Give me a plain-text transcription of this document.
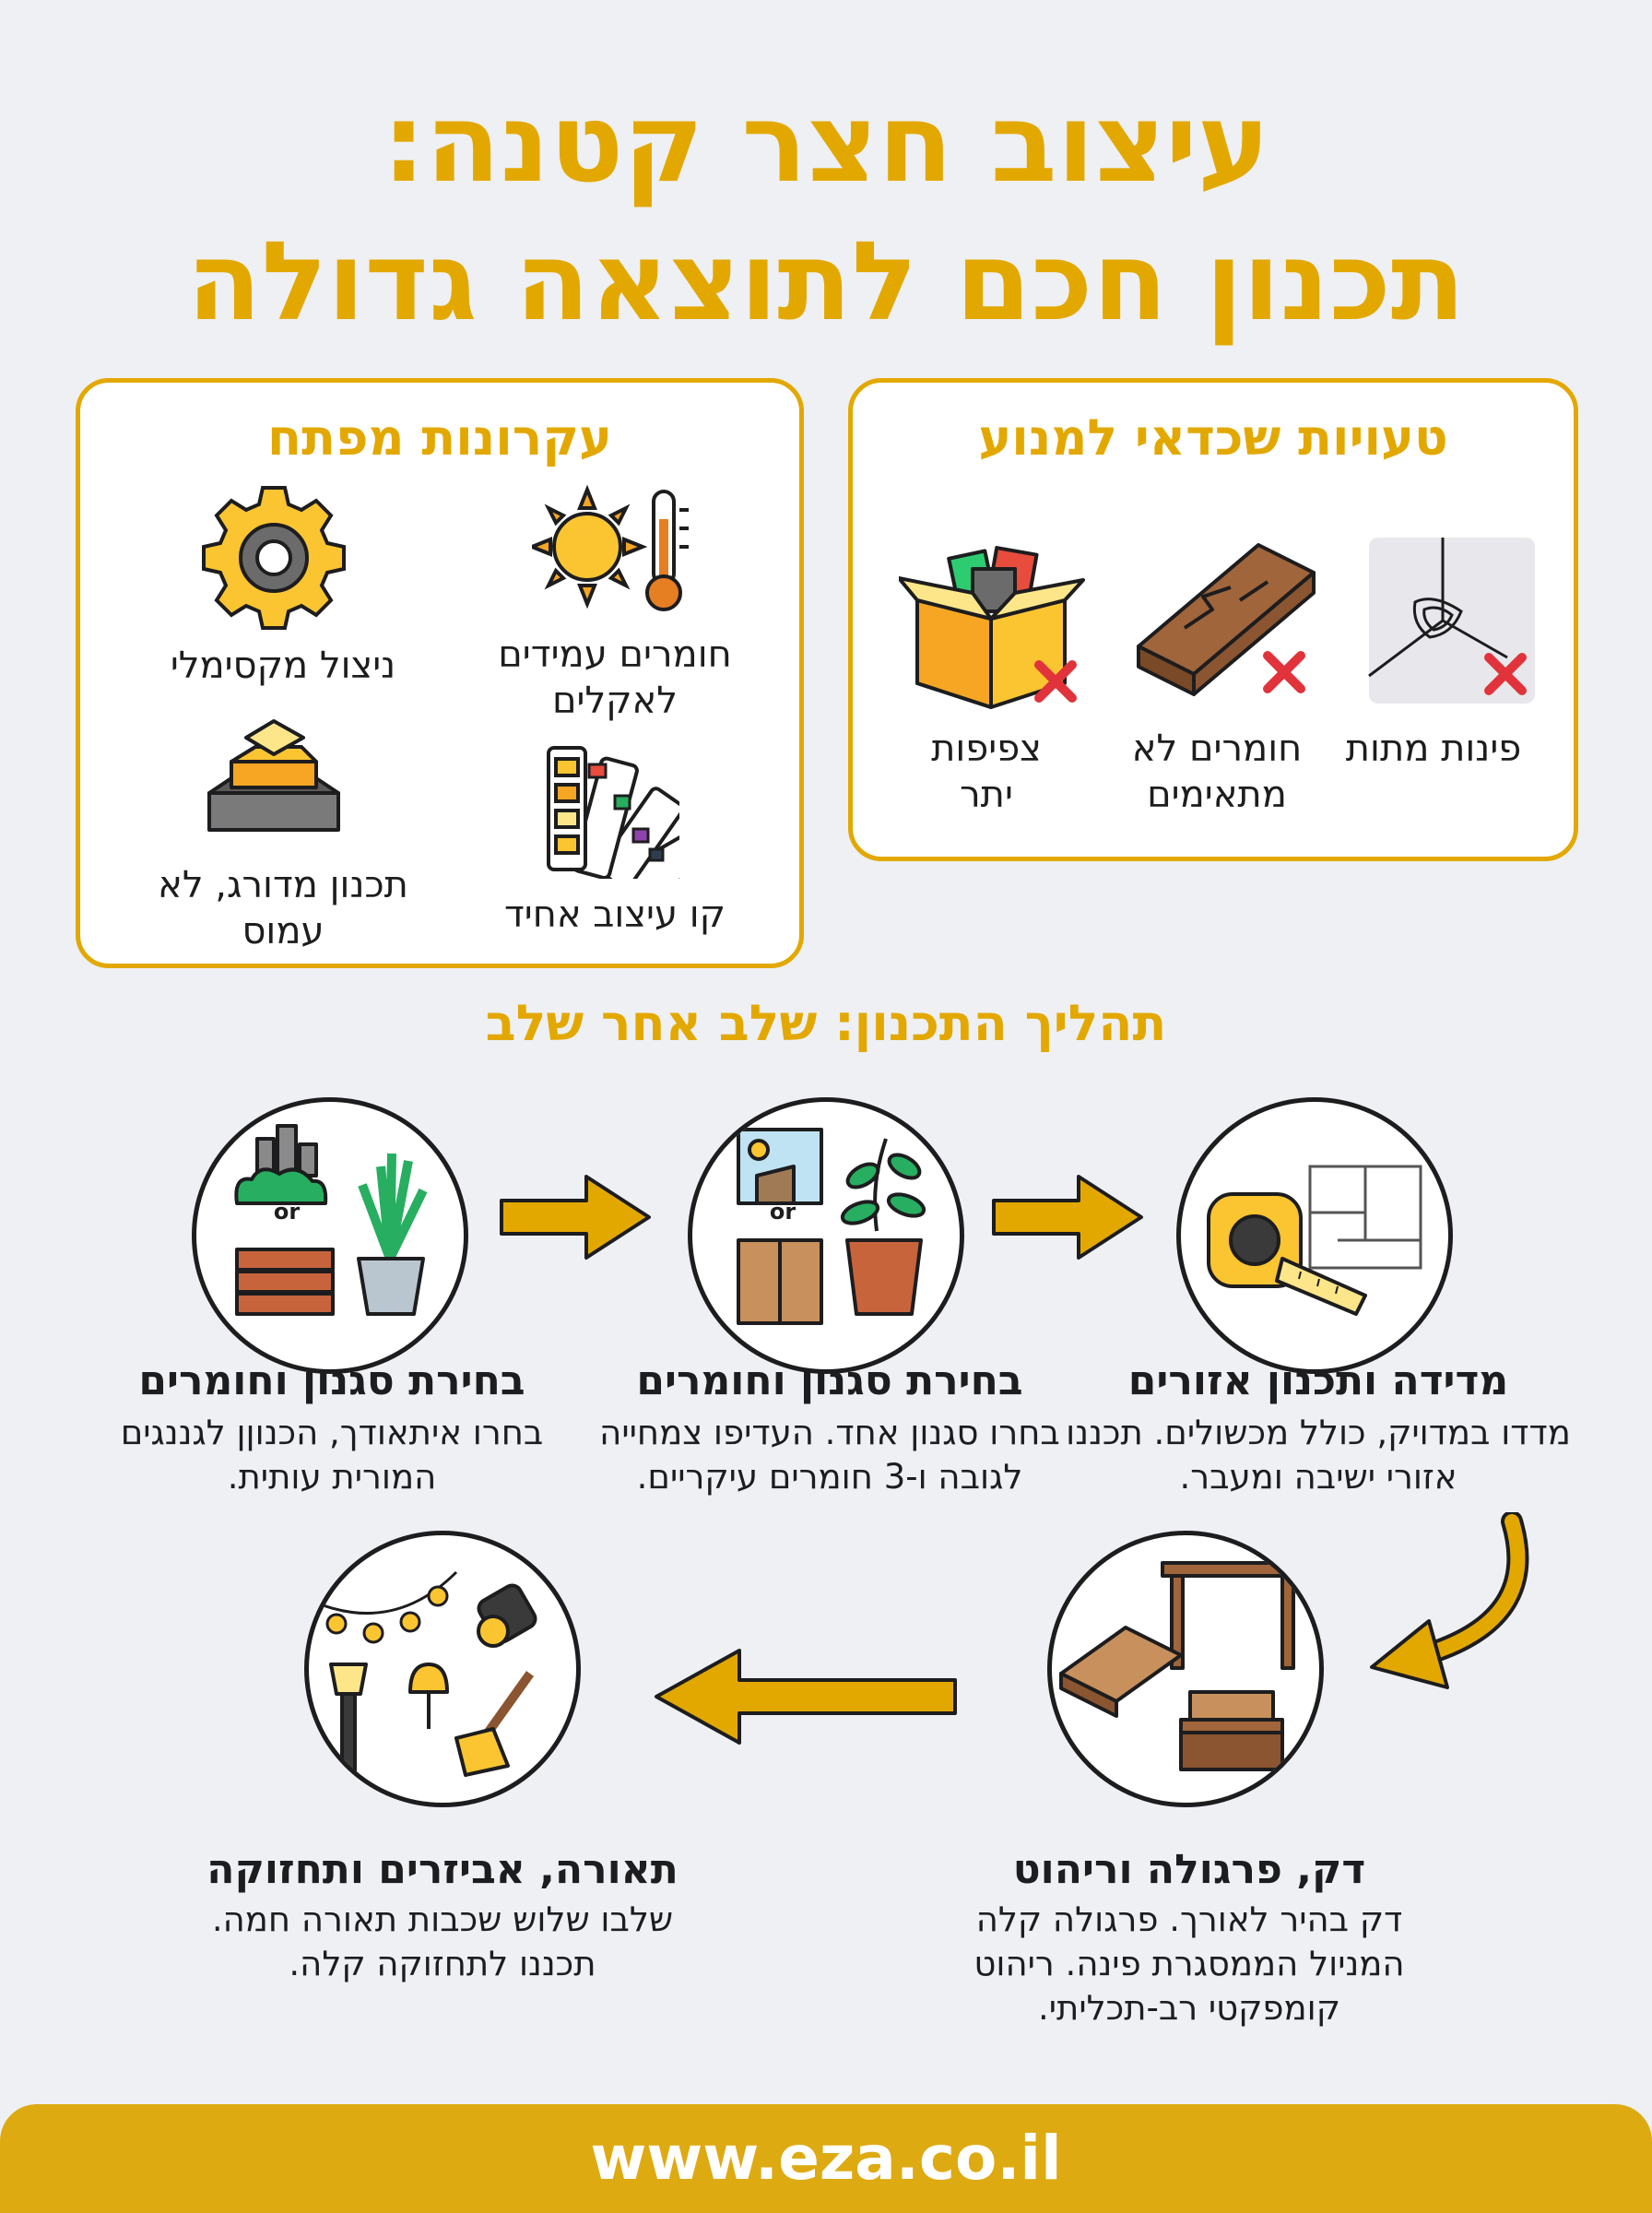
עיצוב חצר קטנה:
תכנון חכם לתוצאה גדולה
עקרונות מפתח
חומרים עמידים לאקלים
ניצול מקסימלי
קו עיצוב אחיד
תכנון מדורג, לא עמוס
טעויות שכדאי למנוע
פינות מתות
חומרים לא מתאימים
צפיפות יתר
תהליך התכנון: שלב אחר שלב
מדידה ותכנון אזורים
מדדו במדויק, כולל מכשולים. תכננו אזורי ישיבה ומעבר.
or
בחירת סגנון וחומרים
בחרו סגנון אחד. העדיפו צמחייה לגובה ו-3 חומרים עיקריים.
or
בחירת סגנון וחומרים
בחרו איתאודך, הכנוןן לגננגים המורית עותית.
דק, פרגולה וריהוט
דק בהיר לאורך. פרגולה קלה המניול הממסגרת פינה. ריהוט קומפקטי רב-תכליתי.
תאורה, אביזרים ותחזוקה
שלבו שלוש שכבות תאורה חמה. תכננו לתחזוקה קלה.
www.eza.co.il
